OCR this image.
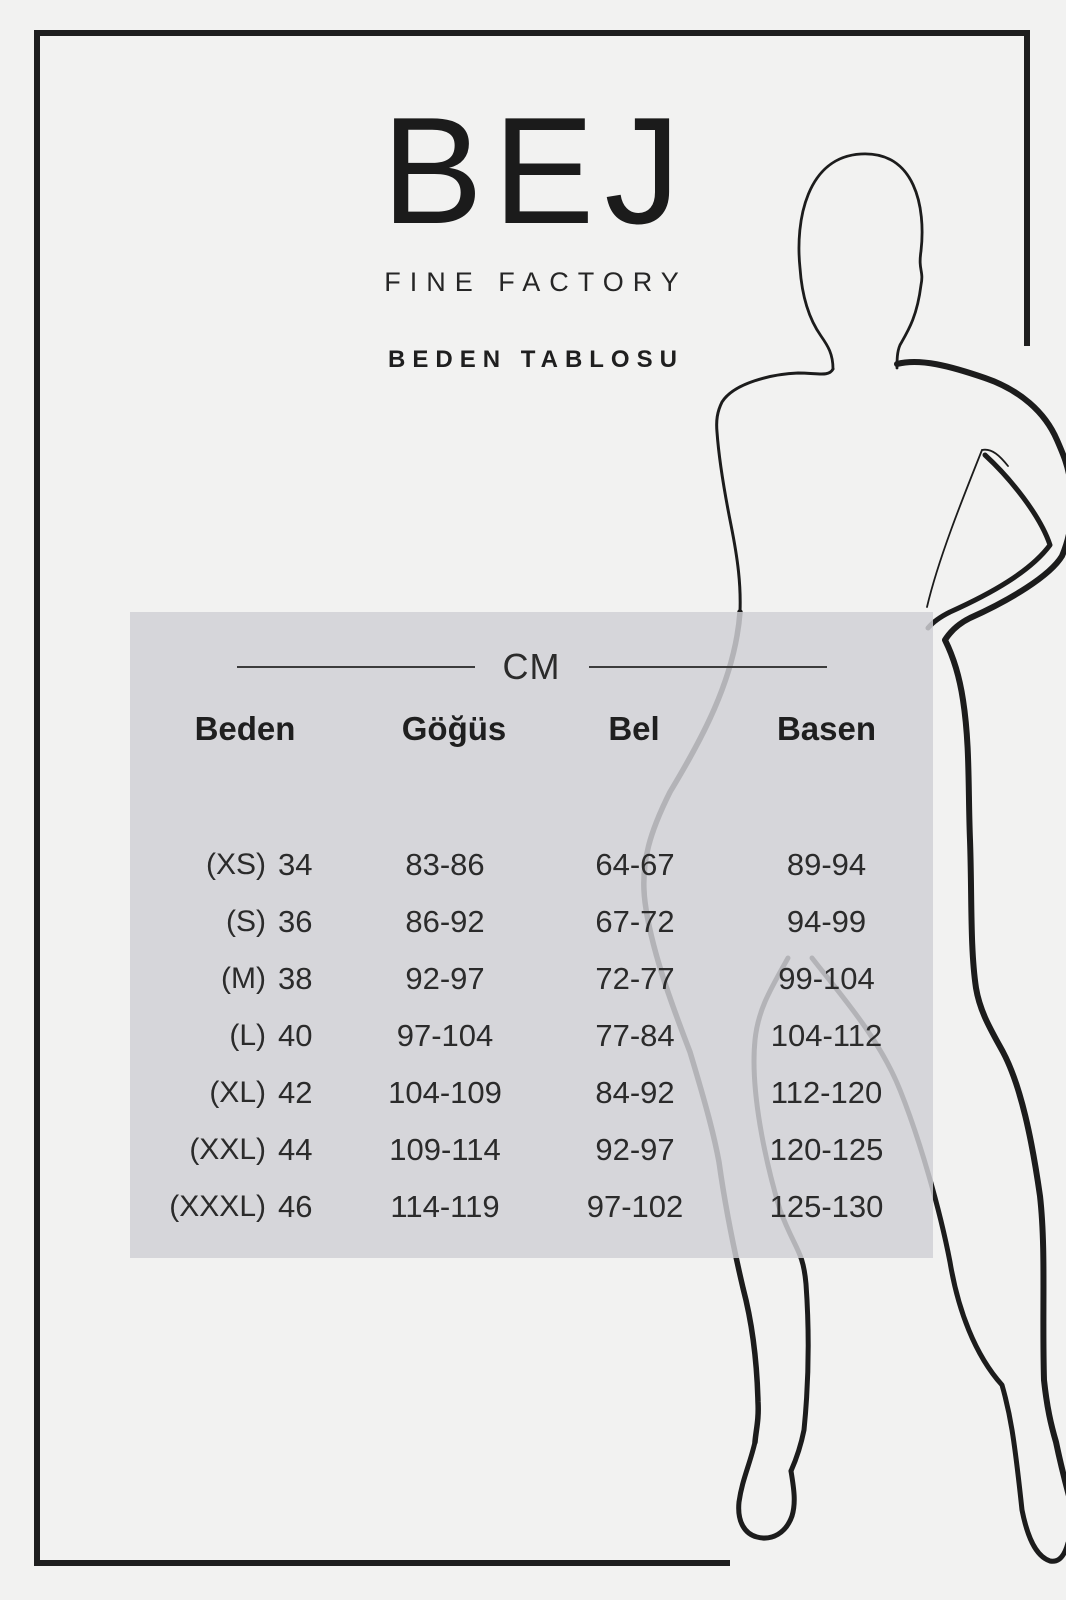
BEJ
FINE FACTORY
BEDEN TABLOSU
CM
Beden	Göğüs	Bel	Basen
(XS) 34	83-86	64-67	89-94
(S) 36	86-92	67-72	94-99
(M) 38	92-97	72-77	99-104
(L) 40	97-104	77-84	104-112
(XL) 42	104-109	84-92	112-120
(XXL) 44	109-114	92-97	120-125
(XXXL) 46	114-119	97-102	125-130
